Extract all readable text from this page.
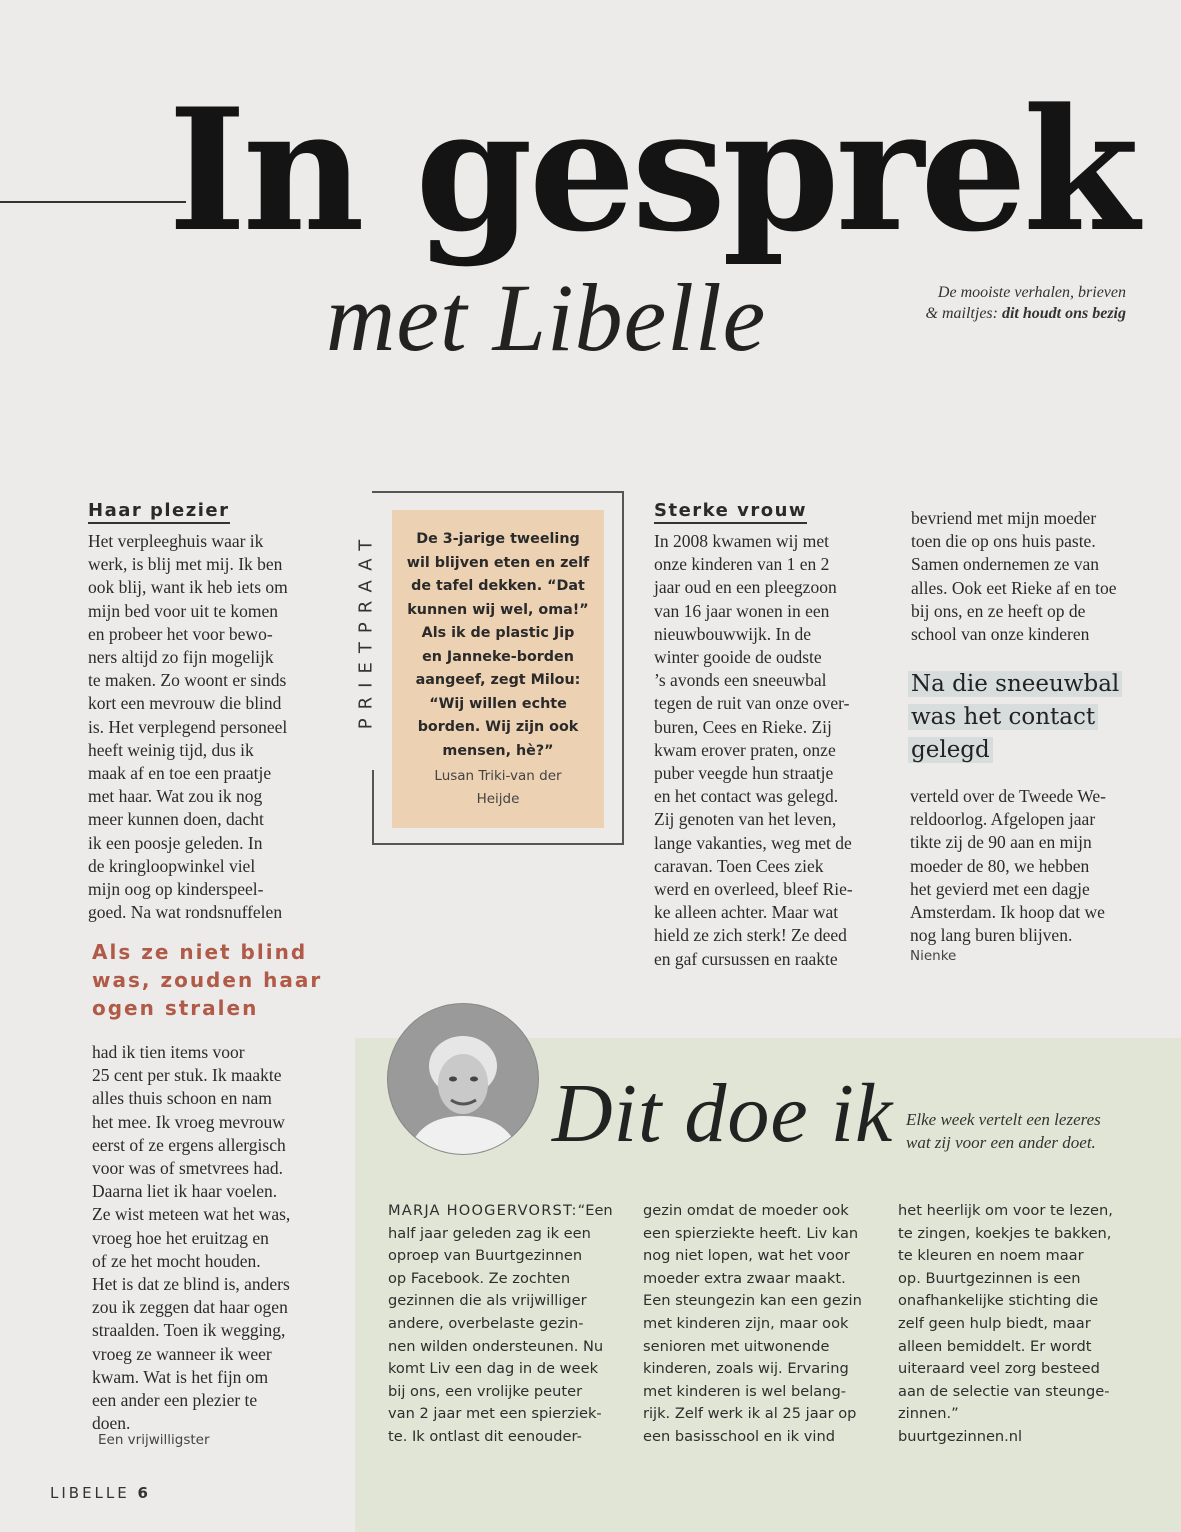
In gesprek
met Libelle	De mooiste verhalen, brieven
& mailtjes: dit houdt ons bezig
Haar plezier
Het verpleeghuis waar ik
werk, is blij met mij. Ik ben
ook blij, want ik heb iets om
mijn bed voor uit te komen
en probeer het voor bewo-
ners altijd zo fijn mogelijk
te maken. Zo woont er sinds
kort een mevrouw die blind
is. Het verplegend personeel
heeft weinig tijd, dus ik
maak af en toe een praatje
met haar. Wat zou ik nog
meer kunnen doen, dacht
ik een poosje geleden. In
de kringloopwinkel viel
mijn oog op kinderspeel-
goed. Na wat rondsnuffelen
Als ze niet blind
was, zouden haar
ogen stralen
had ik tien items voor
25 cent per stuk. Ik maakte
alles thuis schoon en nam
het mee. Ik vroeg mevrouw
eerst of ze ergens allergisch
voor was of smetvrees had.
Daarna liet ik haar voelen.
Ze wist meteen wat het was,
vroeg hoe het eruitzag en
of ze het mocht houden.
Het is dat ze blind is, anders
zou ik zeggen dat haar ogen
straalden. Toen ik wegging,
vroeg ze wanneer ik weer
kwam. Wat is het fijn om
een ander een plezier te
doen.
Een vrijwilligster
PRIETPRAAT	De 3-jarige tweeling
wil blijven eten en zelf
de tafel dekken. “Dat
kunnen wij wel, oma!”
Als ik de plastic Jip
en Janneke-borden
aangeef, zegt Milou:
“Wij willen echte
borden. Wij zijn ook
mensen, hè?”
Lusan Triki-van der
Heijde
Sterke vrouw
In 2008 kwamen wij met
onze kinderen van 1 en 2
jaar oud en een pleegzoon
van 16 jaar wonen in een
nieuwbouwwijk. In de
winter gooide de oudste
’s avonds een sneeuwbal
tegen de ruit van onze over-
buren, Cees en Rieke. Zij
kwam erover praten, onze
puber veegde hun straatje
en het contact was gelegd.
Zij genoten van het leven,
lange vakanties, weg met de
caravan. Toen Cees ziek
werd en overleed, bleef Rie-
ke alleen achter. Maar wat
hield ze zich sterk! Ze deed
en gaf cursussen en raakte
bevriend met mijn moeder
toen die op ons huis paste.
Samen ondernemen ze van
alles. Ook eet Rieke af en toe
bij ons, en ze heeft op de
school van onze kinderen
Na die sneeuwbal
was het contact
gelegd
verteld over de Tweede We-
reldoorlog. Afgelopen jaar
tikte zij de 90 aan en mijn
moeder de 80, we hebben
het gevierd met een dagje
Amsterdam. Ik hoop dat we
nog lang buren blijven.
Nienke
Dit doe ik Elke week vertelt een lezeres
wat zij voor een ander doet.
MARJA HOOGERVORST:“Een
half jaar geleden zag ik een
oproep van Buurtgezinnen
op Facebook. Ze zochten
gezinnen die als vrijwilliger
andere, overbelaste gezin-
nen wilden ondersteunen. Nu
komt Liv een dag in de week
bij ons, een vrolijke peuter
van 2 jaar met een spierziek-
te. Ik ontlast dit eenouder-
gezin omdat de moeder ook
een spierziekte heeft. Liv kan
nog niet lopen, wat het voor
moeder extra zwaar maakt.
Een steungezin kan een gezin
met kinderen zijn, maar ook
senioren met uitwonende
kinderen, zoals wij. Ervaring
met kinderen is wel belang-
rijk. Zelf werk ik al 25 jaar op
een basisschool en ik vind
het heerlijk om voor te lezen,
te zingen, koekjes te bakken,
te kleuren en noem maar
op. Buurtgezinnen is een
onafhankelijke stichting die
zelf geen hulp biedt, maar
alleen bemiddelt. Er wordt
uiteraard veel zorg besteed
aan de selectie van steunge-
zinnen.”
buurtgezinnen.nl
LIBELLE 6
